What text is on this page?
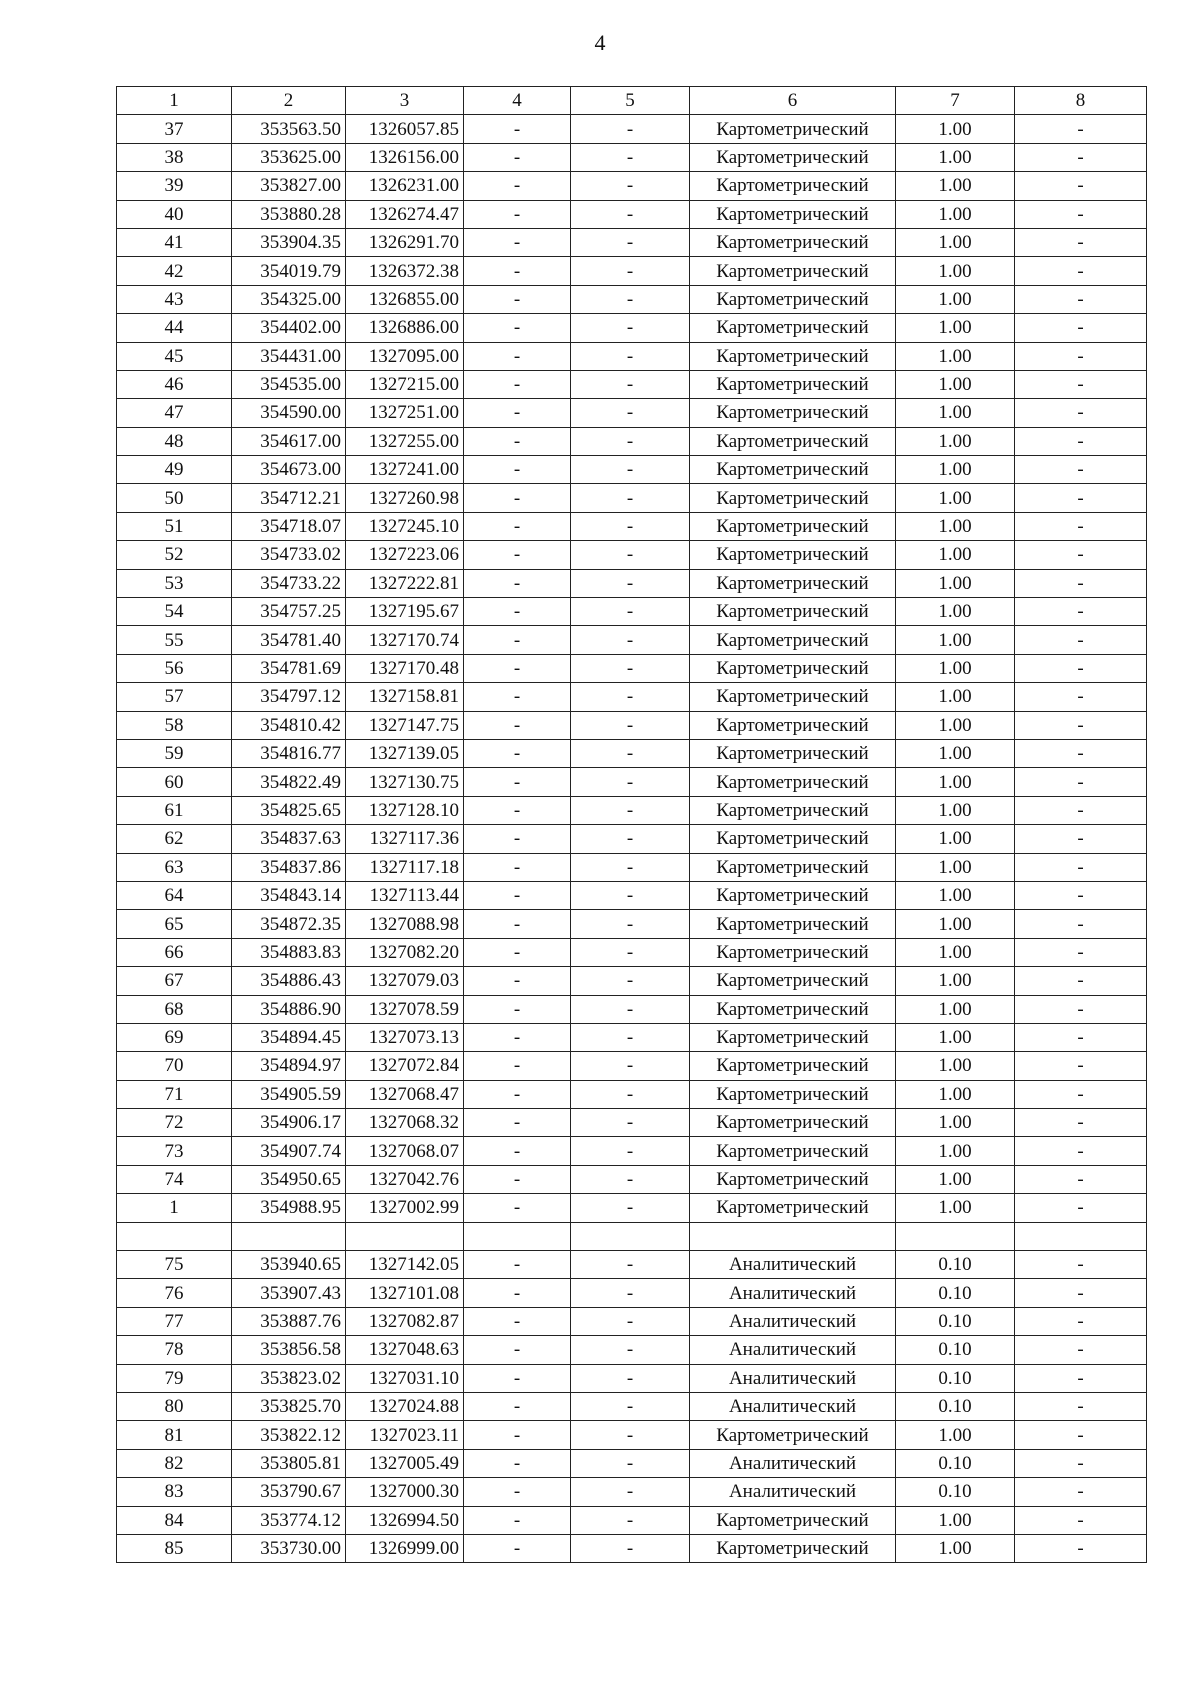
4
1	2	3	4	5	6	7	8
37	353563.50	1326057.85	-	-	Картометрический	1.00	-
38	353625.00	1326156.00	-	-	Картометрический	1.00	-
39	353827.00	1326231.00	-	-	Картометрический	1.00	-
40	353880.28	1326274.47	-	-	Картометрический	1.00	-
41	353904.35	1326291.70	-	-	Картометрический	1.00	-
42	354019.79	1326372.38	-	-	Картометрический	1.00	-
43	354325.00	1326855.00	-	-	Картометрический	1.00	-
44	354402.00	1326886.00	-	-	Картометрический	1.00	-
45	354431.00	1327095.00	-	-	Картометрический	1.00	-
46	354535.00	1327215.00	-	-	Картометрический	1.00	-
47	354590.00	1327251.00	-	-	Картометрический	1.00	-
48	354617.00	1327255.00	-	-	Картометрический	1.00	-
49	354673.00	1327241.00	-	-	Картометрический	1.00	-
50	354712.21	1327260.98	-	-	Картометрический	1.00	-
51	354718.07	1327245.10	-	-	Картометрический	1.00	-
52	354733.02	1327223.06	-	-	Картометрический	1.00	-
53	354733.22	1327222.81	-	-	Картометрический	1.00	-
54	354757.25	1327195.67	-	-	Картометрический	1.00	-
55	354781.40	1327170.74	-	-	Картометрический	1.00	-
56	354781.69	1327170.48	-	-	Картометрический	1.00	-
57	354797.12	1327158.81	-	-	Картометрический	1.00	-
58	354810.42	1327147.75	-	-	Картометрический	1.00	-
59	354816.77	1327139.05	-	-	Картометрический	1.00	-
60	354822.49	1327130.75	-	-	Картометрический	1.00	-
61	354825.65	1327128.10	-	-	Картометрический	1.00	-
62	354837.63	1327117.36	-	-	Картометрический	1.00	-
63	354837.86	1327117.18	-	-	Картометрический	1.00	-
64	354843.14	1327113.44	-	-	Картометрический	1.00	-
65	354872.35	1327088.98	-	-	Картометрический	1.00	-
66	354883.83	1327082.20	-	-	Картометрический	1.00	-
67	354886.43	1327079.03	-	-	Картометрический	1.00	-
68	354886.90	1327078.59	-	-	Картометрический	1.00	-
69	354894.45	1327073.13	-	-	Картометрический	1.00	-
70	354894.97	1327072.84	-	-	Картометрический	1.00	-
71	354905.59	1327068.47	-	-	Картометрический	1.00	-
72	354906.17	1327068.32	-	-	Картометрический	1.00	-
73	354907.74	1327068.07	-	-	Картометрический	1.00	-
74	354950.65	1327042.76	-	-	Картометрический	1.00	-
1	354988.95	1327002.99	-	-	Картометрический	1.00	-

75	353940.65	1327142.05	-	-	Аналитический	0.10	-
76	353907.43	1327101.08	-	-	Аналитический	0.10	-
77	353887.76	1327082.87	-	-	Аналитический	0.10	-
78	353856.58	1327048.63	-	-	Аналитический	0.10	-
79	353823.02	1327031.10	-	-	Аналитический	0.10	-
80	353825.70	1327024.88	-	-	Аналитический	0.10	-
81	353822.12	1327023.11	-	-	Картометрический	1.00	-
82	353805.81	1327005.49	-	-	Аналитический	0.10	-
83	353790.67	1327000.30	-	-	Аналитический	0.10	-
84	353774.12	1326994.50	-	-	Картометрический	1.00	-
85	353730.00	1326999.00	-	-	Картометрический	1.00	-
